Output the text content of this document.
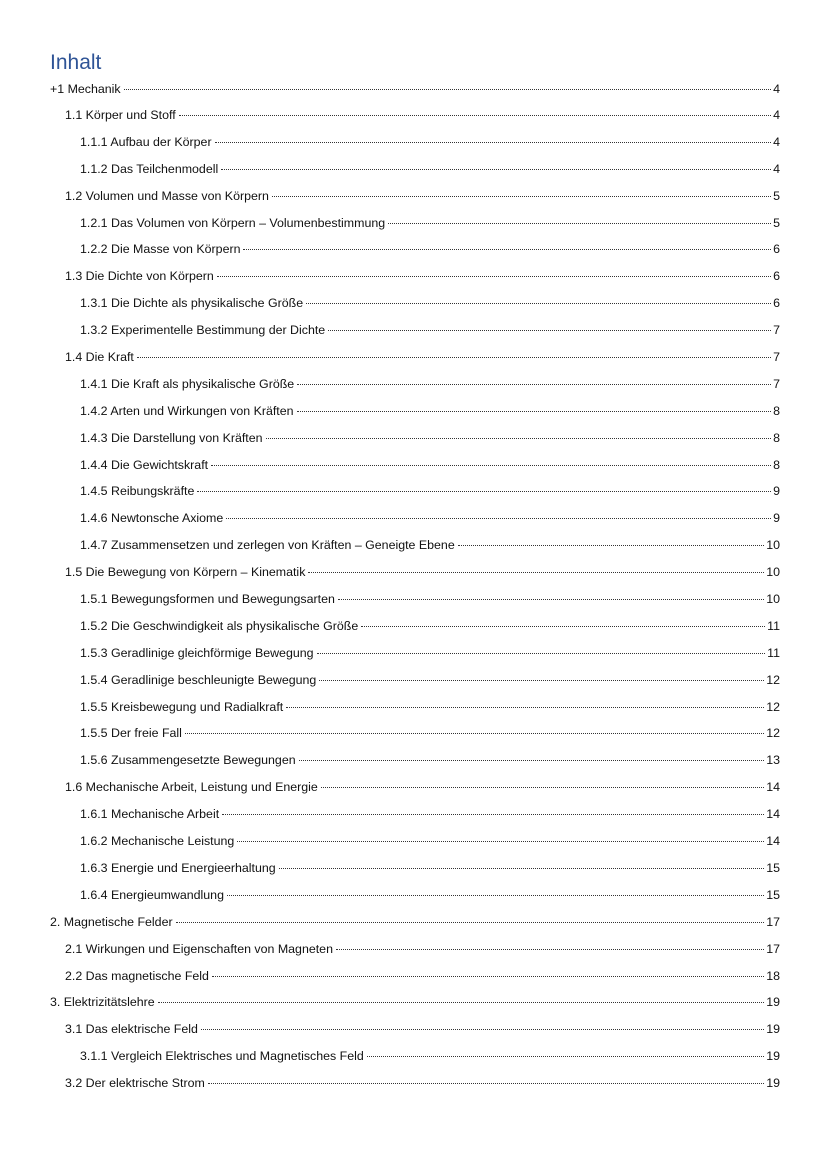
Inhalt
+1 Mechanik	4
1.1 Körper und Stoff	4
1.1.1 Aufbau der Körper	4
1.1.2 Das Teilchenmodell	4
1.2 Volumen und Masse von Körpern	5
1.2.1 Das Volumen von Körpern – Volumenbestimmung	5
1.2.2 Die Masse von Körpern	6
1.3 Die Dichte von Körpern	6
1.3.1 Die Dichte als physikalische Größe	6
1.3.2 Experimentelle Bestimmung der Dichte	7
1.4 Die Kraft	7
1.4.1 Die Kraft als physikalische Größe	7
1.4.2 Arten und Wirkungen von Kräften	8
1.4.3 Die Darstellung von Kräften	8
1.4.4 Die Gewichtskraft	8
1.4.5 Reibungskräfte	9
1.4.6 Newtonsche Axiome	9
1.4.7 Zusammensetzen und zerlegen von Kräften – Geneigte Ebene	10
1.5 Die Bewegung von Körpern – Kinematik	10
1.5.1 Bewegungsformen und Bewegungsarten	10
1.5.2 Die Geschwindigkeit als physikalische Größe	11
1.5.3 Geradlinige gleichförmige Bewegung	11
1.5.4 Geradlinige beschleunigte Bewegung	12
1.5.5 Kreisbewegung und Radialkraft	12
1.5.5 Der freie Fall	12
1.5.6 Zusammengesetzte Bewegungen	13
1.6 Mechanische Arbeit, Leistung und Energie	14
1.6.1 Mechanische Arbeit	14
1.6.2 Mechanische Leistung	14
1.6.3 Energie und Energieerhaltung	15
1.6.4 Energieumwandlung	15
2. Magnetische Felder	17
2.1 Wirkungen und Eigenschaften von Magneten	17
2.2 Das magnetische Feld	18
3. Elektrizitätslehre	19
3.1 Das elektrische Feld	19
3.1.1 Vergleich Elektrisches und Magnetisches Feld	19
3.2 Der elektrische Strom	19
